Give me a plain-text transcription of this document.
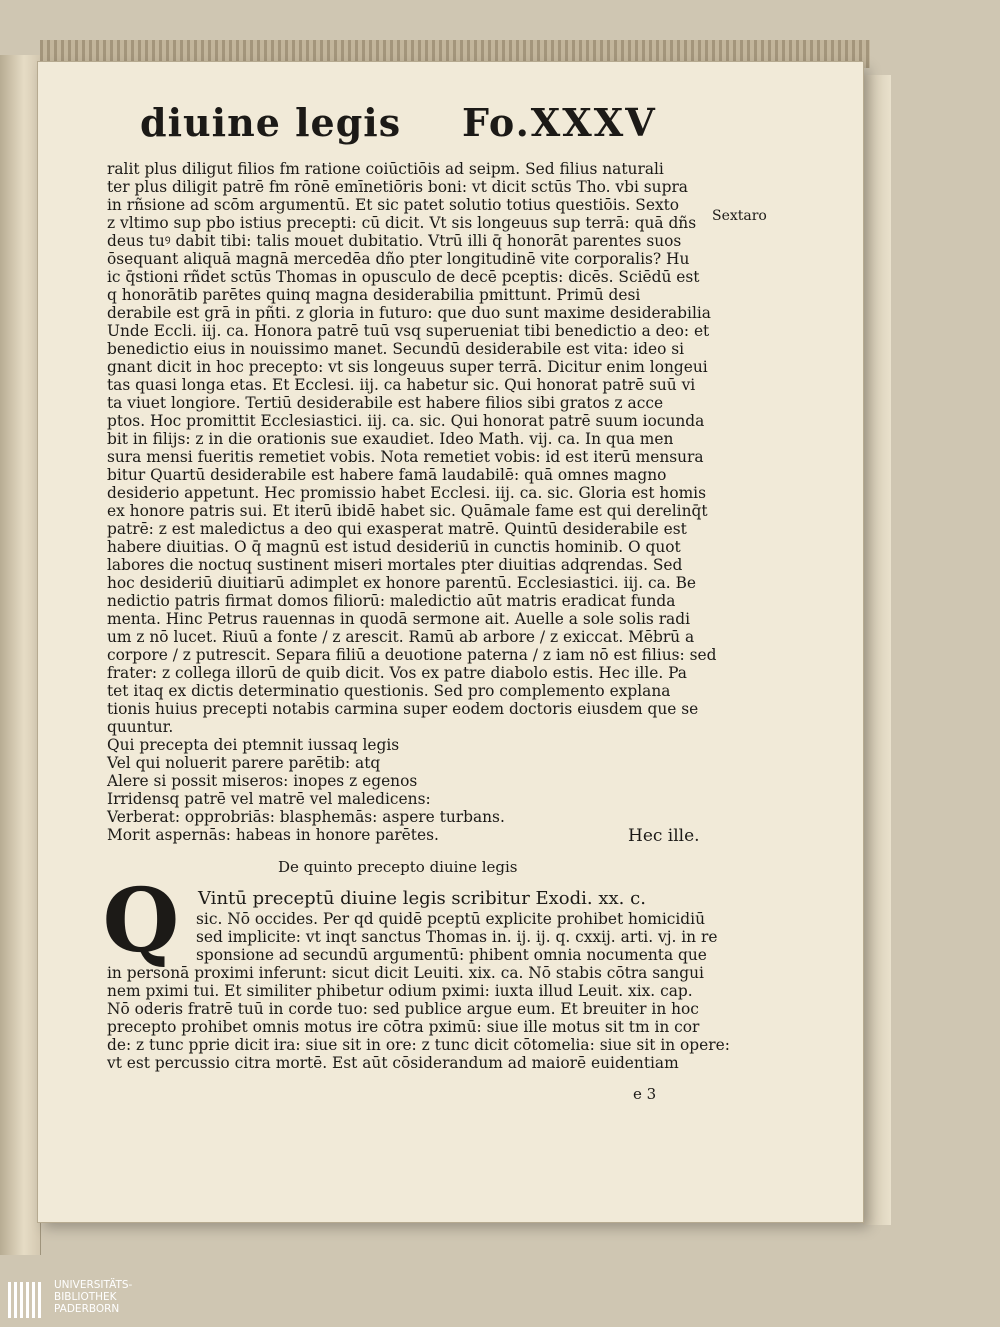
diuine legis Fo.XXXV
Sextaro
ralit plus diligut filios fm ratione coiūctiōis ad seipm. Sed filius naturali
ter plus diligit patrē fm rōnē emīnetiōris boni: vt dicit sctūs Tho. vbi supra
in rñsione ad scōm argumentū. Et sic patet solutio totius questiōis. Sexto
z vltimo sup pbo istius precepti: cū dicit. Vt sis longeuus sup terrā: quā dñs
deus tuꝰ dabit tibi: talis mouet dubitatio. Vtrū illi q̄ honorāt parentes suos
ōsequant aliquā magnā mercedēa dño pter longitudinē vite corporalis? Hu
ic q̄stioni rñdet sctūs Thomas in opusculo de decē pceptis: dicēs. Sciēdū est
q honorātib parētes quinq magna desiderabilia pmittunt. Primū desi
derabile est grā in pñti. z gloria in futuro: que duo sunt maxime desiderabilia
Unde Eccli. iij. ca. Honora patrē tuū vsq superueniat tibi benedictio a deo: et
benedictio eius in nouissimo manet. Secundū desiderabile est vita: ideo si
gnant dicit in hoc precepto: vt sis longeuus super terrā. Dicitur enim longeui
tas quasi longa etas. Et Ecclesi. iij. ca habetur sic. Qui honorat patrē suū vi
ta viuet longiore. Tertiū desiderabile est habere filios sibi gratos z acce
ptos. Hoc promittit Ecclesiastici. iij. ca. sic. Qui honorat patrē suum iocunda
bit in filijs: z in die orationis sue exaudiet. Ideo Math. vij. ca. In qua men
sura mensi fueritis remetiet vobis. Nota remetiet vobis: id est iterū mensura
bitur Quartū desiderabile est habere famā laudabilē: quā omnes magno
desiderio appetunt. Hec promissio habet Ecclesi. iij. ca. sic. Gloria est homis
ex honore patris sui. Et iterū ibidē habet sic. Quāmale fame est qui derelinq̄t
patrē: z est maledictus a deo qui exasperat matrē. Quintū desiderabile est
habere diuitias. O q̄ magnū est istud desideriū in cunctis hominib. O quot
labores die noctuq sustinent miseri mortales pter diuitias adqrendas. Sed
hoc desideriū diuitiarū adimplet ex honore parentū. Ecclesiastici. iij. ca. Be
nedictio patris firmat domos filiorū: maledictio aūt matris eradicat funda
menta. Hinc Petrus rauennas in quodā sermone ait. Auelle a sole solis radi
um z nō lucet. Riuū a fonte / z arescit. Ramū ab arbore / z exiccat. Mēbrū a
corpore / z putrescit. Separa filiū a deuotione paterna / z iam nō est filius: sed
frater: z collega illorū de quib dicit. Vos ex patre diabolo estis. Hec ille. Pa
tet itaq ex dictis determinatio questionis. Sed pro complemento explana
tionis huius precepti notabis carmina super eodem doctoris eiusdem que se
quuntur.
Qui precepta dei ptemnit iussaq legis
Vel qui noluerit parere parētib: atq
Alere si possit miseros: inopes z egenos
Irridensq patrē vel matrē vel maledicens:
Verberat: opprobriās: blasphemās: aspere turbans.
Morit aspernās: habeas in honore parētes.	Hec ille.
De quinto precepto diuine legis
Q Vintū preceptū diuine legis scribitur Exodi. xx. c.
sic. Nō occides. Per qd quidē pceptū explicite prohibet homicidiū
sed implicite: vt inqt sanctus Thomas in. ij. ij. q. cxxij. arti. vj. in re
sponsione ad secundū argumentū: phibent omnia nocumenta que
in personā proximi inferunt: sicut dicit Leuiti. xix. ca. Nō stabis cōtra sangui
nem pximi tui. Et similiter phibetur odium pximi: iuxta illud Leuit. xix. cap.
Nō oderis fratrē tuū in corde tuo: sed publice argue eum. Et breuiter in hoc
precepto prohibet omnis motus ire cōtra pximū: siue ille motus sit tm in cor
de: z tunc pprie dicit ira: siue sit in ore: z tunc dicit cōtomelia: siue sit in opere:
vt est percussio citra mortē. Est aūt cōsiderandum ad maiorē euidentiam
e 3
UNIVERSITÄTS-
BIBLIOTHEK
PADERBORN
